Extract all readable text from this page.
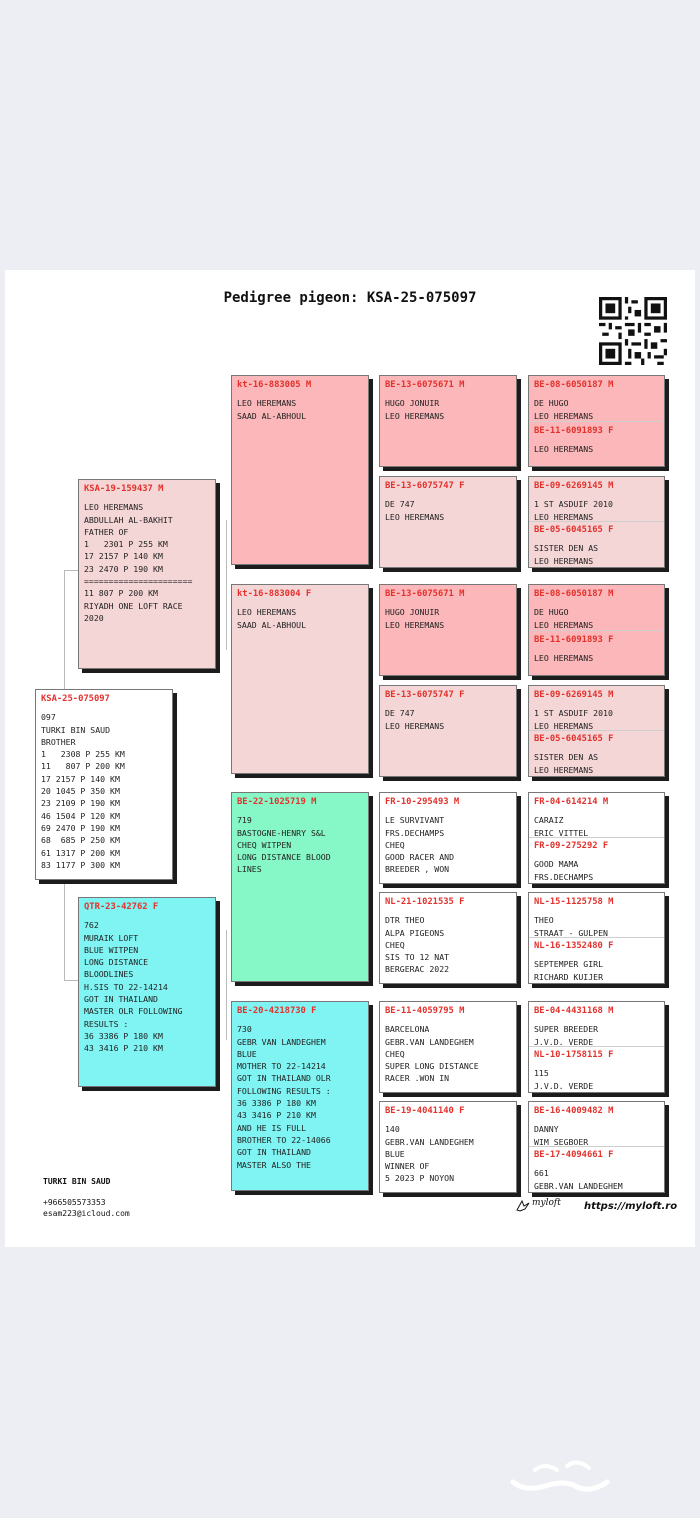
Pedigree pigeon: KSA-25-075097
KSA-25-075097
097
TURKI BIN SAUD
BROTHER
1   2308 P 255 KM
11   807 P 200 KM
17 2157 P 140 KM
20 1045 P 350 KM
23 2109 P 190 KM
46 1504 P 120 KM
69 2470 P 190 KM
68  685 P 250 KM
61 1317 P 200 KM
83 1177 P 300 KM
KSA-19-159437 M
LEO HEREMANS
ABDULLAH AL-BAKHIT
FATHER OF
1   2301 P 255 KM
17 2157 P 140 KM
23 2470 P 190 KM
======================
11 807 P 200 KM
RIYADH ONE LOFT RACE
2020
QTR-23-42762 F
762
MURAIK LOFT
BLUE WITPEN
LONG DISTANCE
BLOODLINES
H.SIS TO 22-14214
GOT IN THAILAND
MASTER OLR FOLLOWING
RESULTS :
36 3386 P 180 KM
43 3416 P 210 KM
kt-16-883005 M
LEO HEREMANS
SAAD AL-ABHOUL
kt-16-883004 F
LEO HEREMANS
SAAD AL-ABHOUL
BE-22-1025719 M
719
BASTOGNE-HENRY S&L
CHEQ WITPEN
LONG DISTANCE BLOOD
LINES
BE-20-4218730 F
730
GEBR VAN LANDEGHEM
BLUE
MOTHER TO 22-14214
GOT IN THAILAND OLR
FOLLOWING RESULTS :
36 3386 P 180 KM
43 3416 P 210 KM
AND HE IS FULL
BROTHER TO 22-14066
GOT IN THAILAND
MASTER ALSO THE
BE-13-6075671 M
HUGO JONUIR
LEO HEREMANS
BE-13-6075747 F
DE 747
LEO HEREMANS
BE-13-6075671 M
HUGO JONUIR
LEO HEREMANS
BE-13-6075747 F
DE 747
LEO HEREMANS
FR-10-295493 M
LE SURVIVANT
FRS.DECHAMPS
CHEQ
GOOD RACER AND
BREEDER , WON
NL-21-1021535 F
DTR THEO
ALPA PIGEONS
CHEQ
SIS TO 12 NAT
BERGERAC 2022
BE-11-4059795 M
BARCELONA
GEBR.VAN LANDEGHEM
CHEQ
SUPER LONG DISTANCE
RACER .WON IN
BE-19-4041140 F
140
GEBR.VAN LANDEGHEM
BLUE
WINNER OF
5 2023 P NOYON
BE-08-6050187 M
DE HUGO
LEO HEREMANS
BE-11-6091893 F
LEO HEREMANS
BE-09-6269145 M
1 ST ASDUIF 2010
LEO HEREMANS
BE-05-6045165 F
SISTER DEN AS
LEO HEREMANS
BE-08-6050187 M
DE HUGO
LEO HEREMANS
BE-11-6091893 F
LEO HEREMANS
BE-09-6269145 M
1 ST ASDUIF 2010
LEO HEREMANS
BE-05-6045165 F
SISTER DEN AS
LEO HEREMANS
FR-04-614214 M
CARAIZ
ERIC VITTEL
FR-09-275292 F
GOOD MAMA
FRS.DECHAMPS
NL-15-1125758 M
THEO
STRAAT - GULPEN
NL-16-1352480 F
SEPTEMPER GIRL
RICHARD KUIJER
BE-04-4431168 M
SUPER BREEDER
J.V.D. VERDE
NL-10-1758115 F
115
J.V.D. VERDE
BE-16-4009482 M
DANNY
WIM SEGBOER
BE-17-4094661 F
661
GEBR.VAN LANDEGHEM
TURKI BIN SAUD
+966505573353
esam223@icloud.com
myloft https://myloft.ro
